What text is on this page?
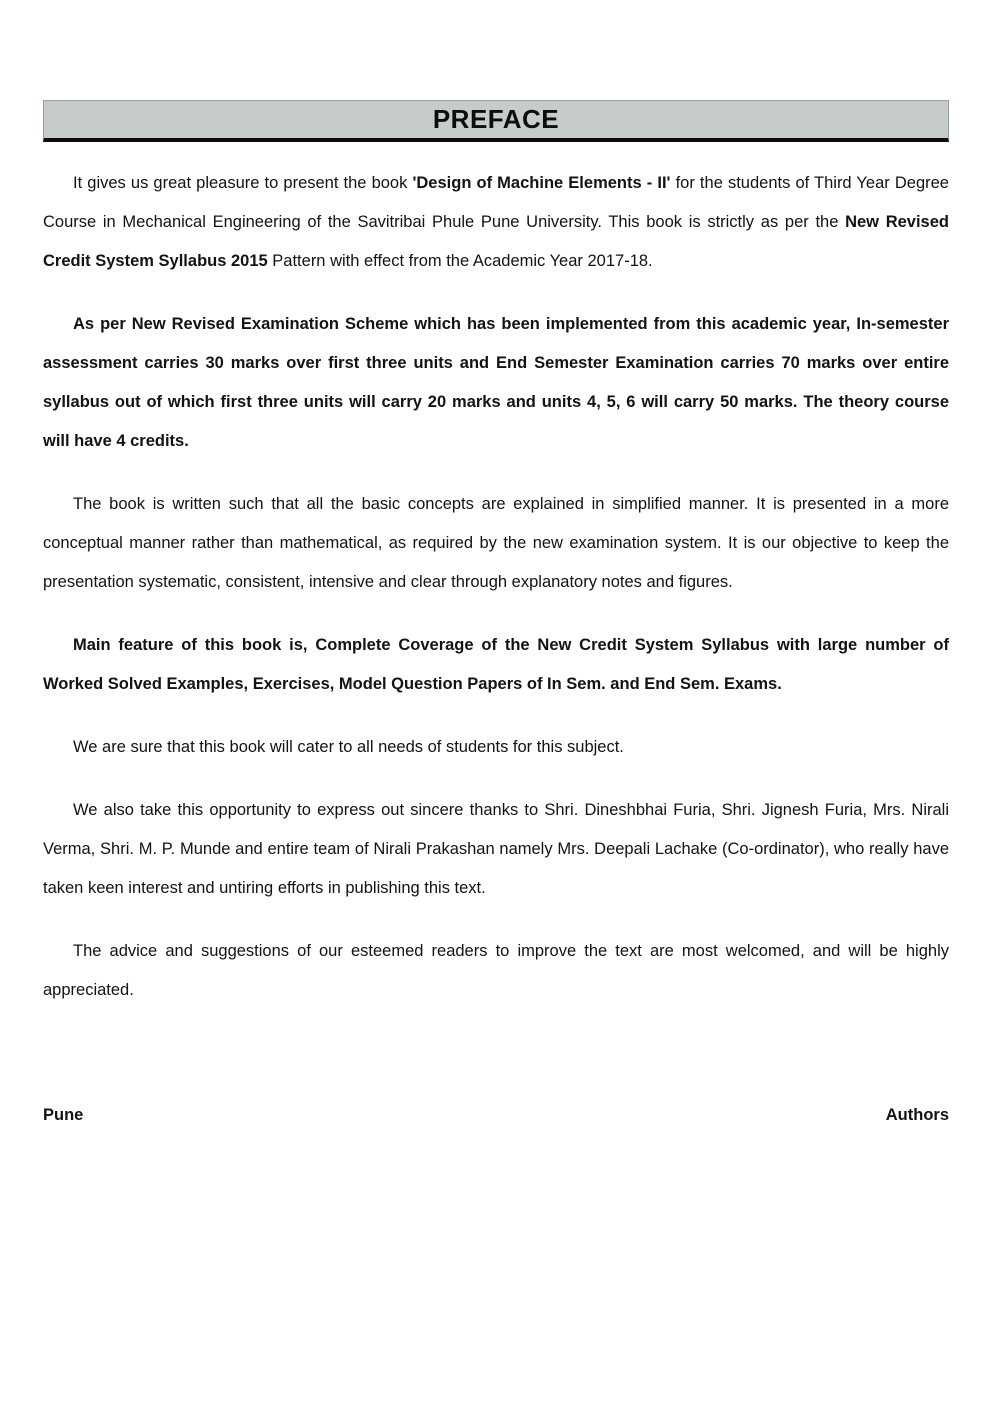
PREFACE

It gives us great pleasure to present the book 'Design of Machine Elements - II' for the students of Third Year Degree Course in Mechanical Engineering of the Savitribai Phule Pune University. This book is strictly as per the New Revised Credit System Syllabus 2015 Pattern with effect from the Academic Year 2017-18.

As per New Revised Examination Scheme which has been implemented from this academic year, In-semester assessment carries 30 marks over first three units and End Semester Examination carries 70 marks over entire syllabus out of which first three units will carry 20 marks and units 4, 5, 6 will carry 50 marks. The theory course will have 4 credits.

The book is written such that all the basic concepts are explained in simplified manner. It is presented in a more conceptual manner rather than mathematical, as required by the new examination system. It is our objective to keep the presentation systematic, consistent, intensive and clear through explanatory notes and figures.

Main feature of this book is, Complete Coverage of the New Credit System Syllabus with large number of Worked Solved Examples, Exercises, Model Question Papers of In Sem. and End Sem. Exams.

We are sure that this book will cater to all needs of students for this subject.

We also take this opportunity to express out sincere thanks to Shri. Dineshbhai Furia, Shri. Jignesh Furia, Mrs. Nirali Verma, Shri. M. P. Munde and entire team of Nirali Prakashan namely Mrs. Deepali Lachake (Co-ordinator), who really have taken keen interest and untiring efforts in publishing this text.

The advice and suggestions of our esteemed readers to improve the text are most welcomed, and will be highly appreciated.

Pune	Authors
